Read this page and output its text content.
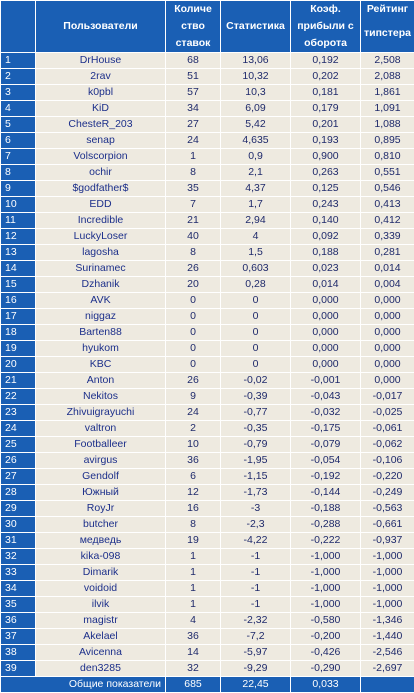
	Пользователи	Количе ство ставок	Статистика	Коэф. прибыли с оборота	Рейтинг
типстера

1	DrHouse	68	13,06	0,192	2,508
2	2rav	51	10,32	0,202	2,088
3	k0pbl	57	10,3	0,181	1,861
4	KiD	34	6,09	0,179	1,091
5	ChesteR_203	27	5,42	0,201	1,088
6	senap	24	4,635	0,193	0,895
7	Volscorpion	1	0,9	0,900	0,810
8	ochir	8	2,1	0,263	0,551
9	$godfather$	35	4,37	0,125	0,546
10	EDD	7	1,7	0,243	0,413
11	Incredible	21	2,94	0,140	0,412
12	LuckyLoser	40	4	0,092	0,339
13	lagosha	8	1,5	0,188	0,281
14	Surinamec	26	0,603	0,023	0,014
15	Dzhanik	20	0,28	0,014	0,004
16	AVK	0	0	0,000	0,000
17	niggaz	0	0	0,000	0,000
18	Barten88	0	0	0,000	0,000
19	hyukom	0	0	0,000	0,000
20	KBC	0	0	0,000	0,000
21	Anton	26	-0,02	-0,001	0,000
22	Nekitos	9	-0,39	-0,043	-0,017
23	Zhivuigrayuchi	24	-0,77	-0,032	-0,025
24	valtron	2	-0,35	-0,175	-0,061
25	Footballeer	10	-0,79	-0,079	-0,062
26	avirgus	36	-1,95	-0,054	-0,106
27	Gendolf	6	-1,15	-0,192	-0,220
28	Южный	12	-1,73	-0,144	-0,249
29	RoyJr	16	-3	-0,188	-0,563
30	butcher	8	-2,3	-0,288	-0,661
31	медведь	19	-4,22	-0,222	-0,937
32	kika-098	1	-1	-1,000	-1,000
33	Dimarik	1	-1	-1,000	-1,000
34	voidoid	1	-1	-1,000	-1,000
35	ilvik	1	-1	-1,000	-1,000
36	magistr	4	-2,32	-0,580	-1,346
37	Akelael	36	-7,2	-0,200	-1,440
38	Avicenna	14	-5,97	-0,426	-2,546
39	den3285	32	-9,29	-0,290	-2,697
Общие показатели		685	22,45	0,033	
